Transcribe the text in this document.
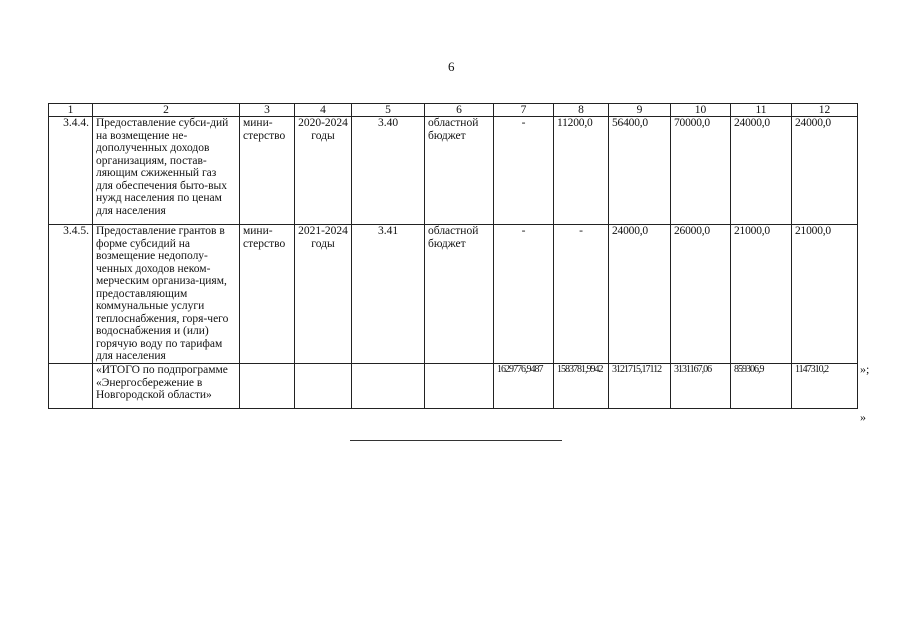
6
1	2	3	4	5	6	7	8	9	10	11	12
3.4.4.	Предоставление субси-дий на возмещение не-дополученных доходов организациям, постав-ляющим сжиженный газ для обеспечения быто-вых нужд населения по ценам для населения	мини-стерство	2020-2024 годы	3.40	областной бюджет	-	11200,0	56400,0	70000,0	24000,0	24000,0
3.4.5.	Предоставление грантов в форме субсидий на возмещение недополу-ченных доходов неком-мерческим организа-циям, предоставляющим коммунальные услуги теплоснабжения, горя-чего водоснабжения и (или) горячую воду по тарифам для населения	мини-стерство	2021-2024 годы	3.41	областной бюджет	-	-	24000,0	26000,0	21000,0	21000,0
	«ИТОГО по подпрограмме «Энергосбережение в Новгородской области»					1629776,9487	1583781,9942	3121715,17112	3131167,06	859306,9	1147310,2	»;
»
